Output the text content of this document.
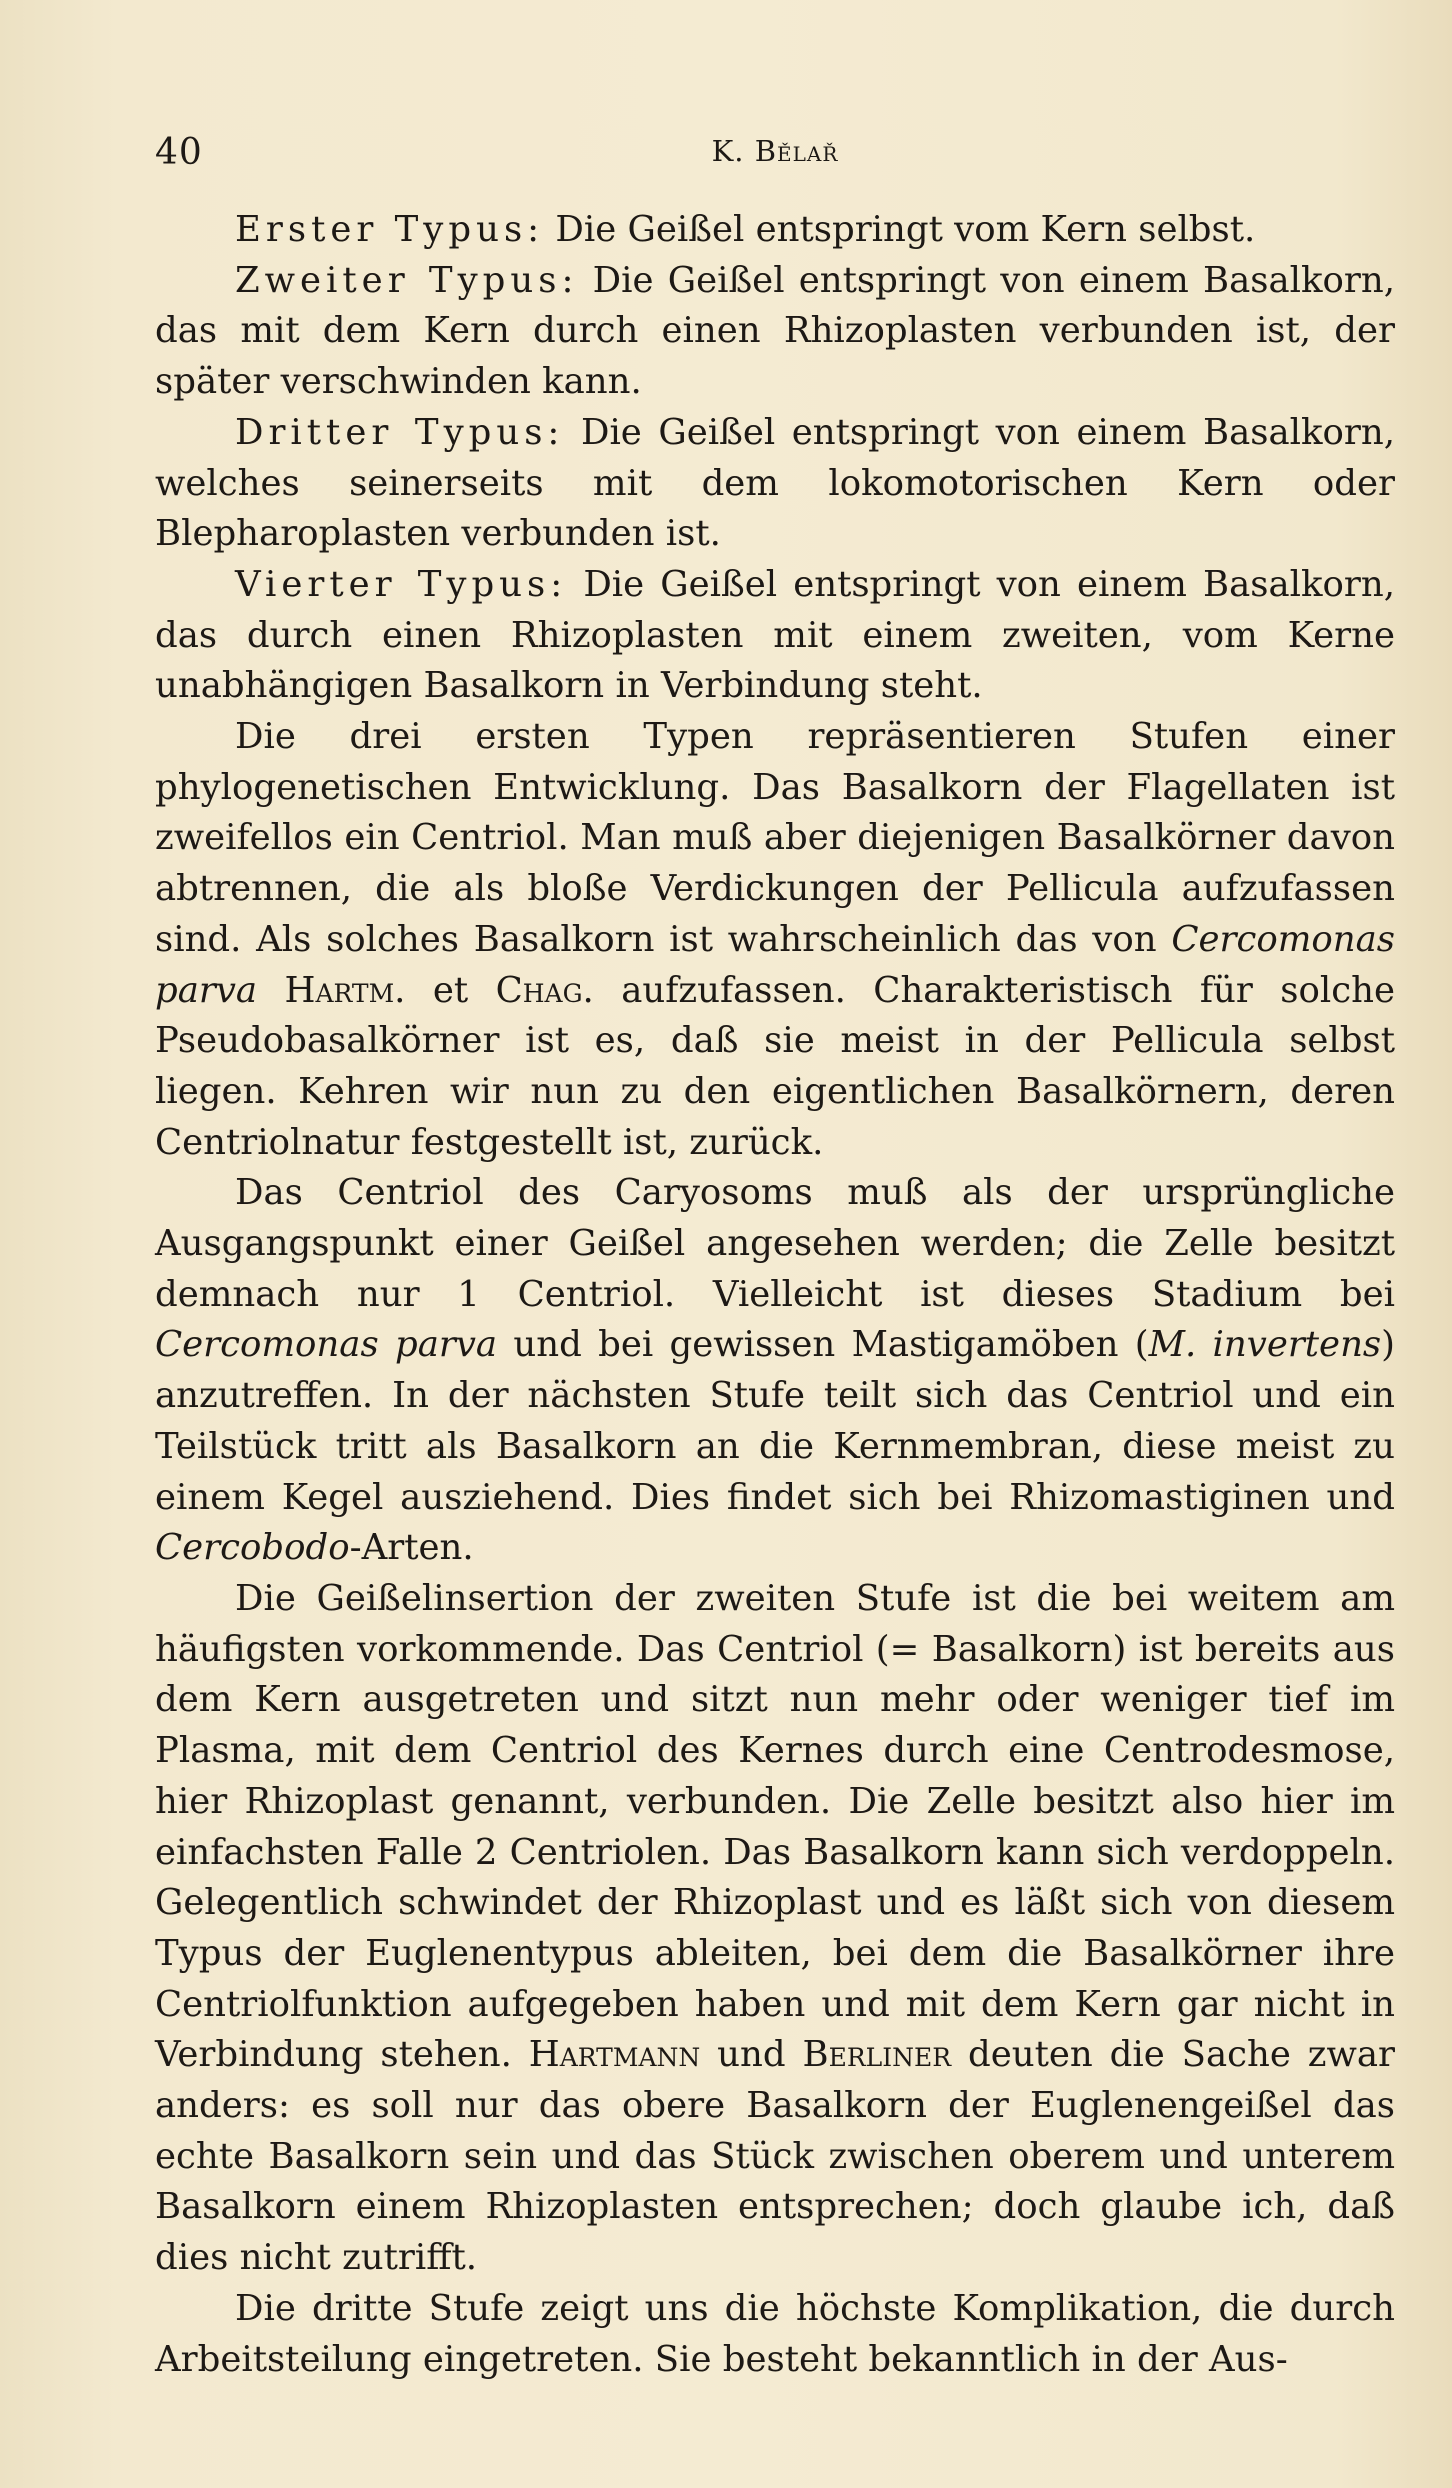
40	K. Bělař

Erster Typus: Die Geißel entspringt vom Kern selbst.

Zweiter Typus: Die Geißel entspringt von einem Basalkorn, das mit dem Kern durch einen Rhizoplasten verbunden ist, der später verschwinden kann.

Dritter Typus: Die Geißel entspringt von einem Basalkorn, welches seinerseits mit dem lokomotorischen Kern oder Blepharoplasten verbunden ist.

Vierter Typus: Die Geißel entspringt von einem Basalkorn, das durch einen Rhizoplasten mit einem zweiten, vom Kerne unabhängigen Basalkorn in Verbindung steht.

Die drei ersten Typen repräsentieren Stufen einer phylogenetischen Entwicklung. Das Basalkorn der Flagellaten ist zweifellos ein Centriol. Man muß aber diejenigen Basalkörner davon abtrennen, die als bloße Verdickungen der Pellicula aufzufassen sind. Als solches Basalkorn ist wahrscheinlich das von Cercomonas parva Hartm. et Chag. aufzufassen. Charakteristisch für solche Pseudobasalkörner ist es, daß sie meist in der Pellicula selbst liegen. Kehren wir nun zu den eigentlichen Basalkörnern, deren Centriolnatur festgestellt ist, zurück.

Das Centriol des Caryosoms muß als der ursprüngliche Ausgangspunkt einer Geißel angesehen werden; die Zelle besitzt demnach nur 1 Centriol. Vielleicht ist dieses Stadium bei Cercomonas parva und bei gewissen Mastigamöben (M. invertens) anzutreffen. In der nächsten Stufe teilt sich das Centriol und ein Teilstück tritt als Basalkorn an die Kernmembran, diese meist zu einem Kegel ausziehend. Dies findet sich bei Rhizomastiginen und Cercobodo-Arten.

Die Geißelinsertion der zweiten Stufe ist die bei weitem am häufigsten vorkommende. Das Centriol (= Basalkorn) ist bereits aus dem Kern ausgetreten und sitzt nun mehr oder weniger tief im Plasma, mit dem Centriol des Kernes durch eine Centrodesmose, hier Rhizoplast genannt, verbunden. Die Zelle besitzt also hier im einfachsten Falle 2 Centriolen. Das Basalkorn kann sich verdoppeln. Gelegentlich schwindet der Rhizoplast und es läßt sich von diesem Typus der Euglenentypus ableiten, bei dem die Basalkörner ihre Centriolfunktion aufgegeben haben und mit dem Kern gar nicht in Verbindung stehen. Hartmann und Berliner deuten die Sache zwar anders: es soll nur das obere Basalkorn der Euglenengeißel das echte Basalkorn sein und das Stück zwischen oberem und unterem Basalkorn einem Rhizoplasten entsprechen; doch glaube ich, daß dies nicht zutrifft.

Die dritte Stufe zeigt uns die höchste Komplikation, die durch Arbeitsteilung eingetreten. Sie besteht bekanntlich in der Aus-
